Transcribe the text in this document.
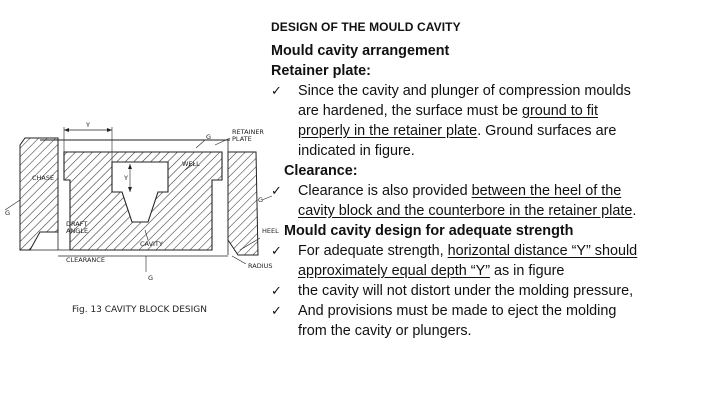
Y
Y
G
RETAINER PLATE
CHASE
WELL
G
G
DRAFT ANGLE
CAVITY
HEEL
CLEARANCE
G
RADIUS
Fig. 13 CAVITY BLOCK DESIGN
DESIGN OF THE MOULD CAVITY
Mould cavity arrangement
Retainer plate:
✓ Since the cavity and plunger of compression moulds
are hardened, the surface must be ground to fit
properly in the retainer plate. Ground surfaces are
indicated in figure.
Clearance:
✓ Clearance is also provided between the heel of the
cavity block and the counterbore in the retainer plate.
Mould cavity design for adequate strength
✓ For adequate strength, horizontal distance “Y” should
approximately equal depth “Y” as in figure
✓ the cavity will not distort under the molding pressure,
✓ And provisions must be made to eject the molding
from the cavity or plungers.
